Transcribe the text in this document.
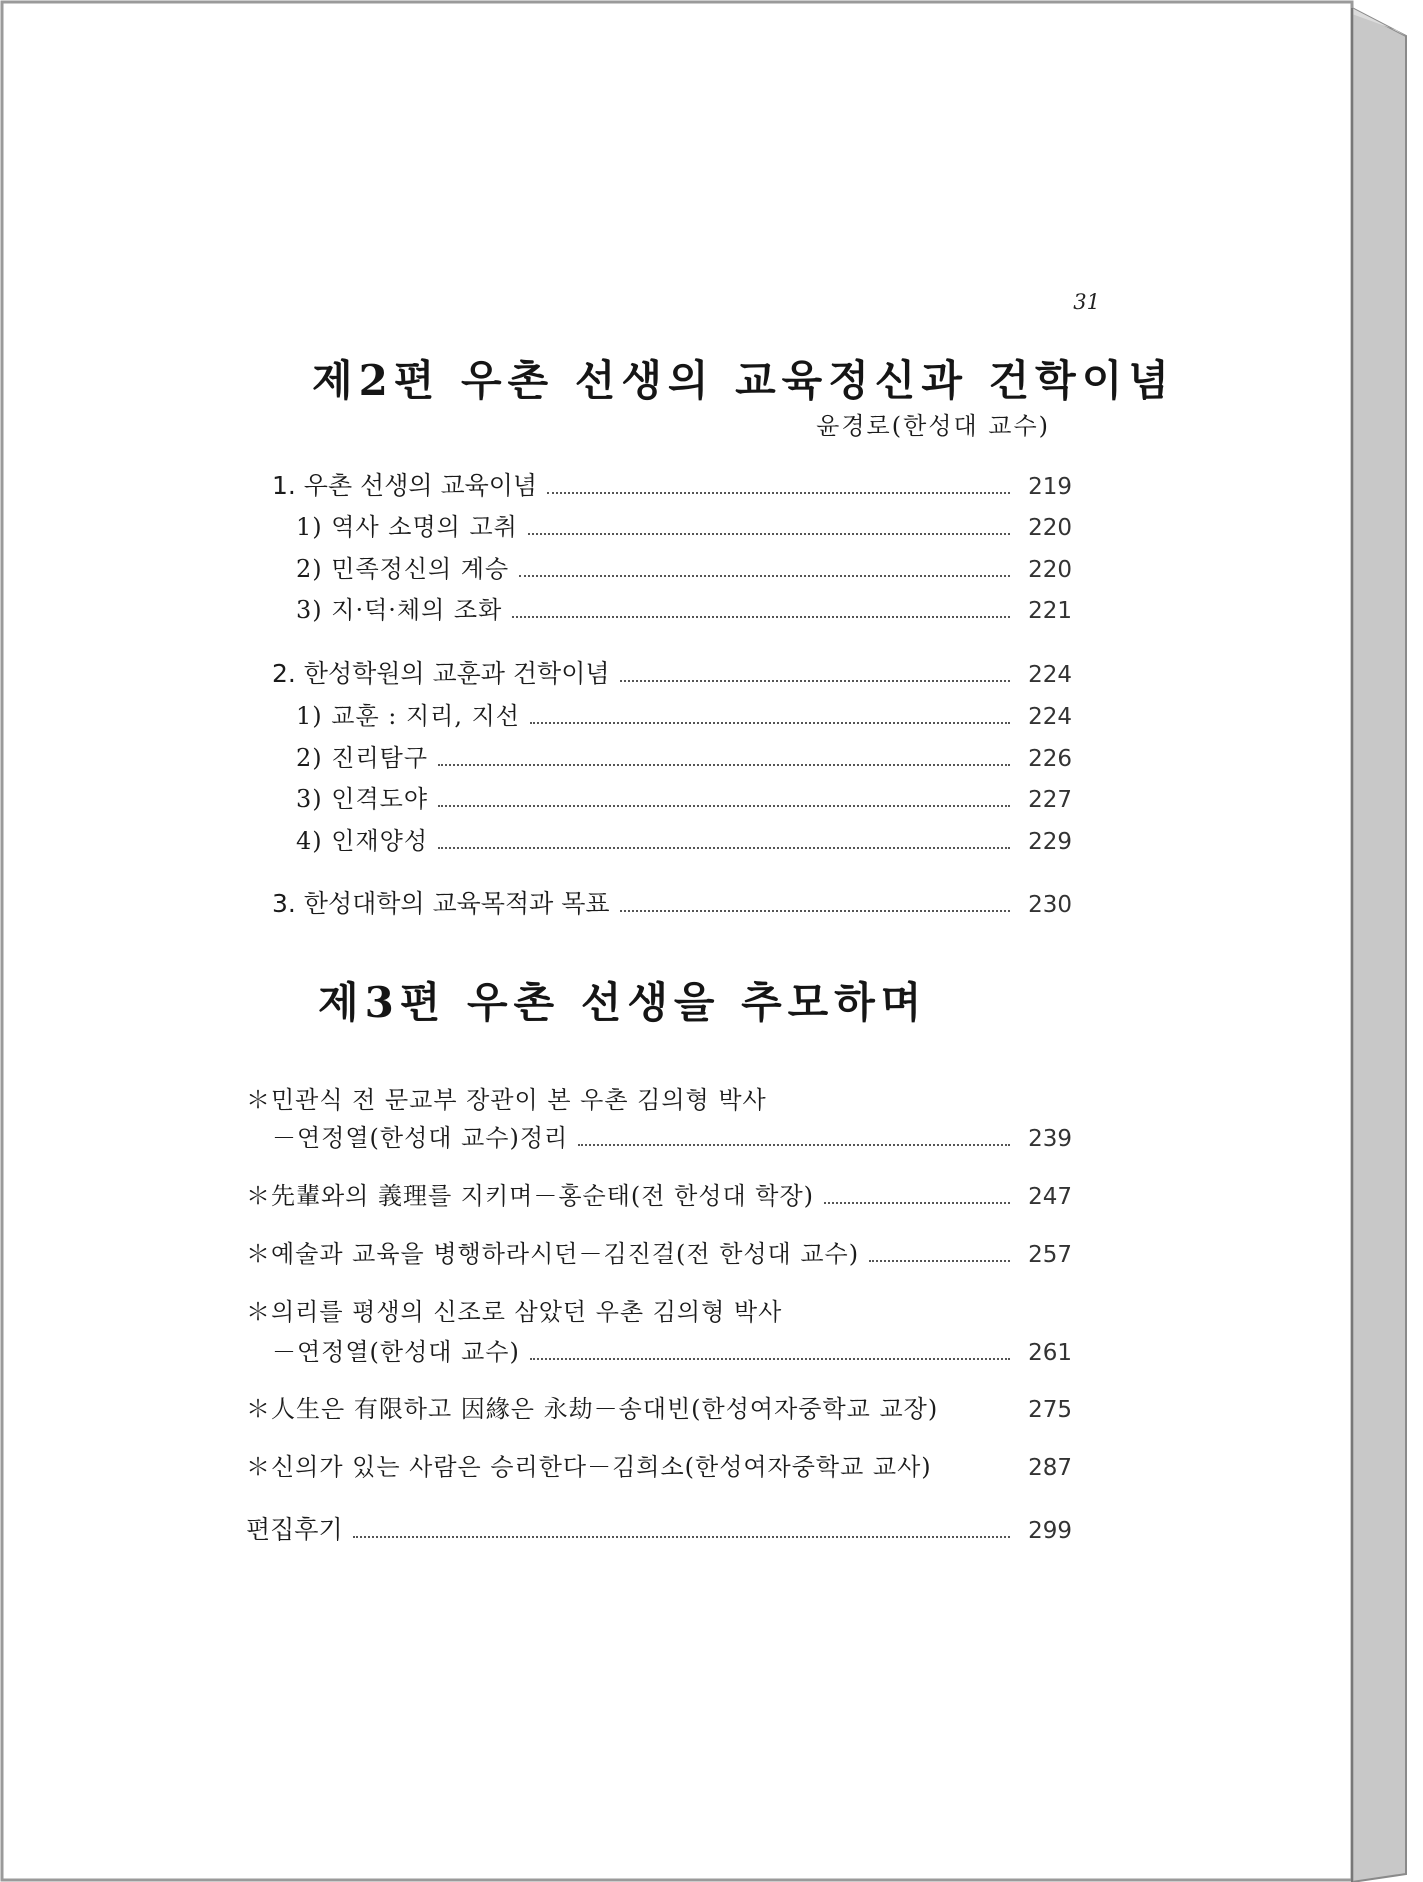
31
제2편 우촌 선생의 교육정신과 건학이념
윤경로(한성대 교수)
1. 우촌 선생의 교육이념	219
1) 역사 소명의 고취	220
2) 민족정신의 계승	220
3) 지·덕·체의 조화	221
2. 한성학원의 교훈과 건학이념	224
1) 교훈 : 지리, 지선	224
2) 진리탐구	226
3) 인격도야	227
4) 인재양성	229
3. 한성대학의 교육목적과 목표	230
제3편 우촌 선생을 추모하며
＊민관식 전 문교부 장관이 본 우촌 김의형 박사
－연정열(한성대 교수)정리	239
＊先輩와의 義理를 지키며－홍순태(전 한성대 학장)	247
＊예술과 교육을 병행하라시던－김진걸(전 한성대 교수)	257
＊의리를 평생의 신조로 삼았던 우촌 김의형 박사
－연정열(한성대 교수)	261
＊人生은 有限하고 因緣은 永劫－송대빈(한성여자중학교 교장)	275
＊신의가 있는 사람은 승리한다－김희소(한성여자중학교 교사)	287
편집후기	299
